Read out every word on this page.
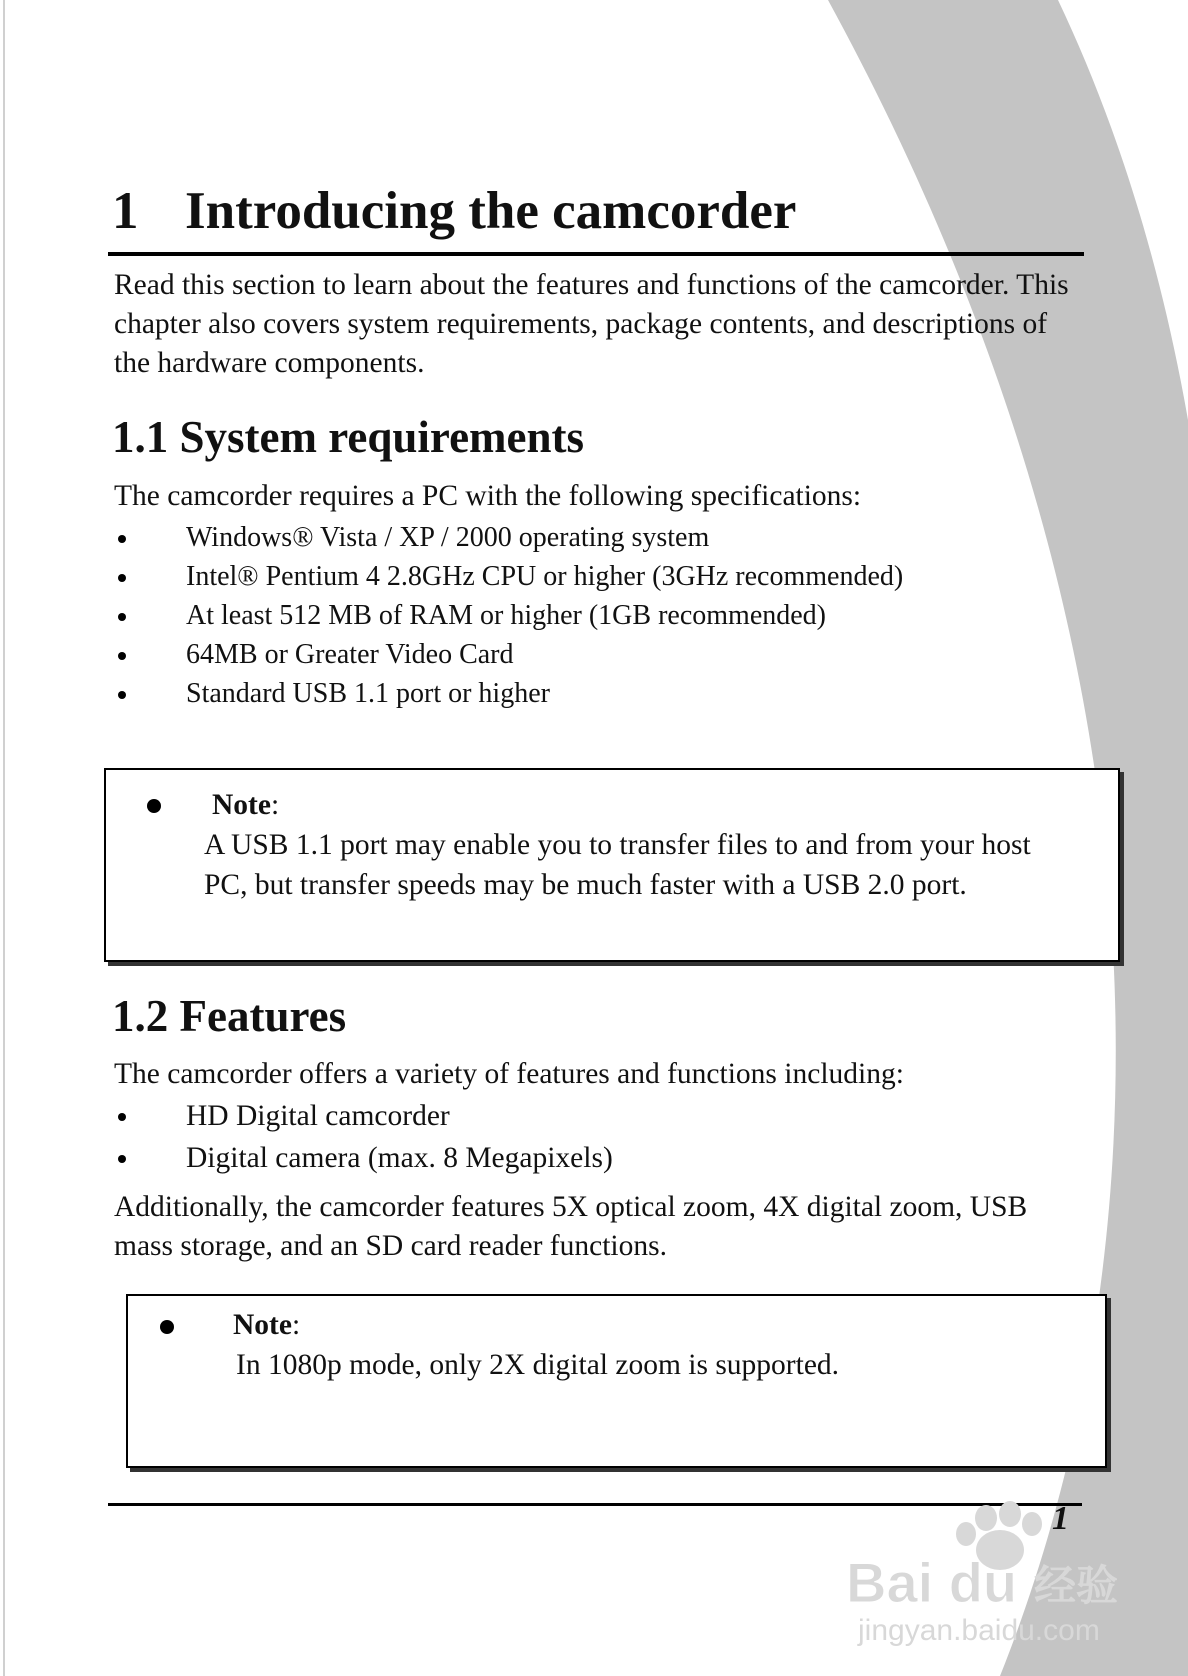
1 Introducing the camcorder

Read this section to learn about the features and functions of the camcorder. This chapter also covers system requirements, package contents, and descriptions of the hardware components.

1.1 System requirements

The camcorder requires a PC with the following specifications:

Windows® Vista / XP / 2000 operating system
Intel® Pentium 4 2.8GHz CPU or higher (3GHz recommended)
At least 512 MB of RAM or higher (1GB recommended)
64MB or Greater Video Card
Standard USB 1.1 port or higher

Note:

A USB 1.1 port may enable you to transfer files to and from your host PC, but transfer speeds may be much faster with a USB 2.0 port.

1.2 Features

The camcorder offers a variety of features and functions including:

HD Digital camcorder
Digital camera (max. 8 Megapixels)

Additionally, the camcorder features 5X optical zoom, 4X digital zoom, USB mass storage, and an SD card reader functions.

Note:

In 1080p mode, only 2X digital zoom is supported.

1
Bai du 经验
jingyan.baidu.com
